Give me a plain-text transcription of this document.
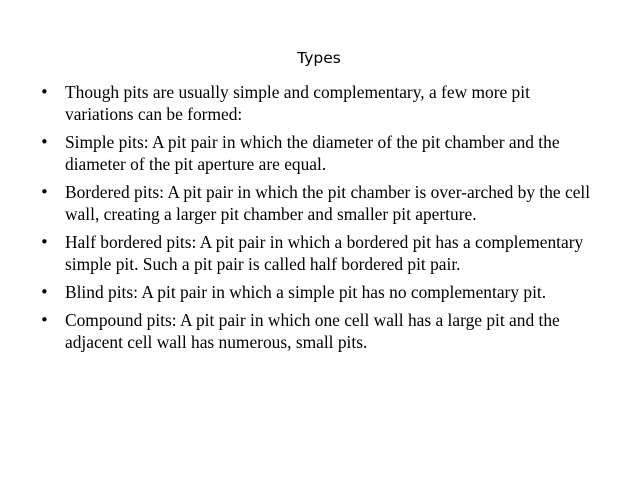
Types
• Though pits are usually simple and complementary, a few more pit variations can be formed:
• Simple pits: A pit pair in which the diameter of the pit chamber and the diameter of the pit aperture are equal.
• Bordered pits: A pit pair in which the pit chamber is over-arched by the cell wall, creating a larger pit chamber and smaller pit aperture.
• Half bordered pits: A pit pair in which a bordered pit has a complementary simple pit. Such a pit pair is called half bordered pit pair.
• Blind pits: A pit pair in which a simple pit has no complementary pit.
• Compound pits: A pit pair in which one cell wall has a large pit and the adjacent cell wall has numerous, small pits.
